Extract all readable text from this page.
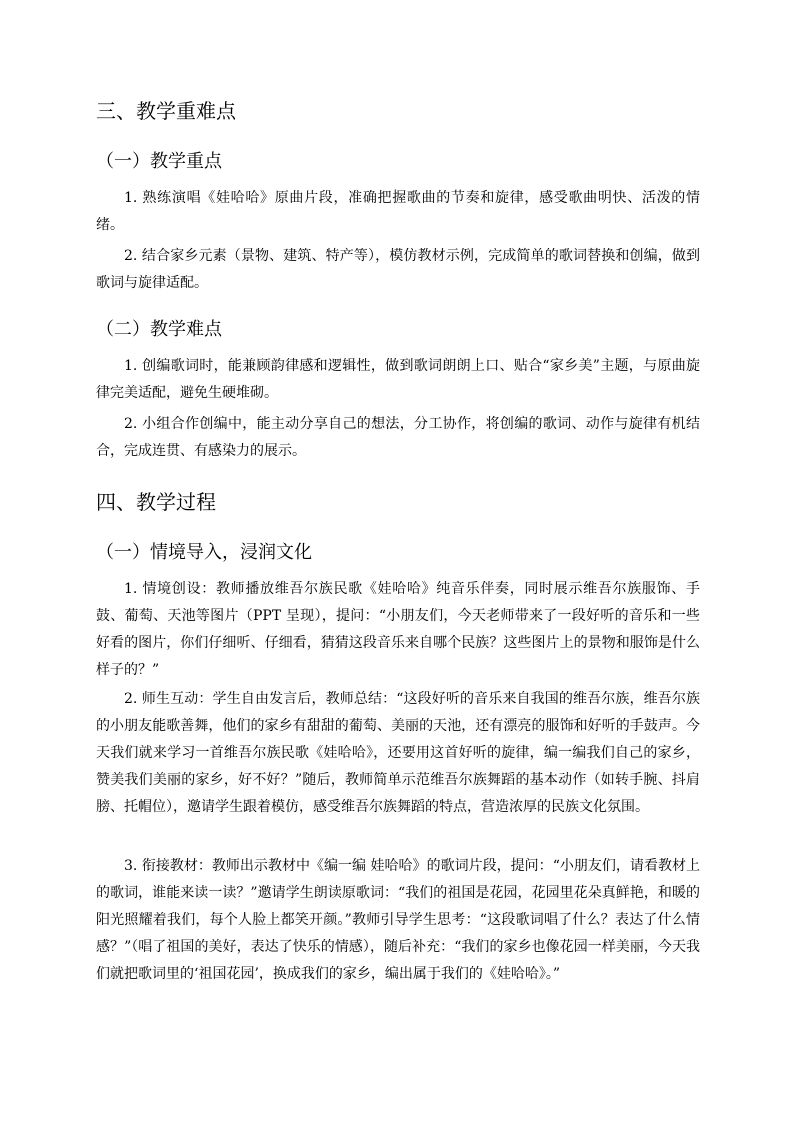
三、教学重难点
（一）教学重点

1. 熟练演唱《娃哈哈》原曲片段，准确把握歌曲的节奏和旋律，感受歌曲明快、活泼的情绪。

2. 结合家乡元素（景物、建筑、特产等），模仿教材示例，完成简单的歌词替换和创编，做到歌词与旋律适配。

（二）教学难点

1. 创编歌词时，能兼顾韵律感和逻辑性，做到歌词朗朗上口、贴合“家乡美”主题，与原曲旋律完美适配，避免生硬堆砌。

2. 小组合作创编中，能主动分享自己的想法，分工协作，将创编的歌词、动作与旋律有机结合，完成连贯、有感染力的展示。

四、教学过程
（一）情境导入，浸润文化

1. 情境创设：教师播放维吾尔族民歌《娃哈哈》纯音乐伴奏，同时展示维吾尔族服饰、手鼓、葡萄、天池等图片（PPT 呈现），提问：“小朋友们，今天老师带来了一段好听的音乐和一些好看的图片，你们仔细听、仔细看，猜猜这段音乐来自哪个民族？这些图片上的景物和服饰是什么样子的？”

2. 师生互动：学生自由发言后，教师总结：“这段好听的音乐来自我国的维吾尔族，维吾尔族的小朋友能歌善舞，他们的家乡有甜甜的葡萄、美丽的天池，还有漂亮的服饰和好听的手鼓声。今天我们就来学习一首维吾尔族民歌《娃哈哈》，还要用这首好听的旋律，编一编我们自己的家乡，赞美我们美丽的家乡，好不好？”随后，教师简单示范维吾尔族舞蹈的基本动作（如转手腕、抖肩膀、托帽位），邀请学生跟着模仿，感受维吾尔族舞蹈的特点，营造浓厚的民族文化氛围。

3. 衔接教材：教师出示教材中《编一编 娃哈哈》的歌词片段，提问：“小朋友们，请看教材上的歌词，谁能来读一读？”邀请学生朗读原歌词：“我们的祖国是花园，花园里花朵真鲜艳，和暖的阳光照耀着我们，每个人脸上都笑开颜。”教师引导学生思考：“这段歌词唱了什么？表达了什么情感？”（唱了祖国的美好，表达了快乐的情感），随后补充：“我们的家乡也像花园一样美丽，今天我们就把歌词里的‘祖国花园’，换成我们的家乡，编出属于我们的《娃哈哈》。”
